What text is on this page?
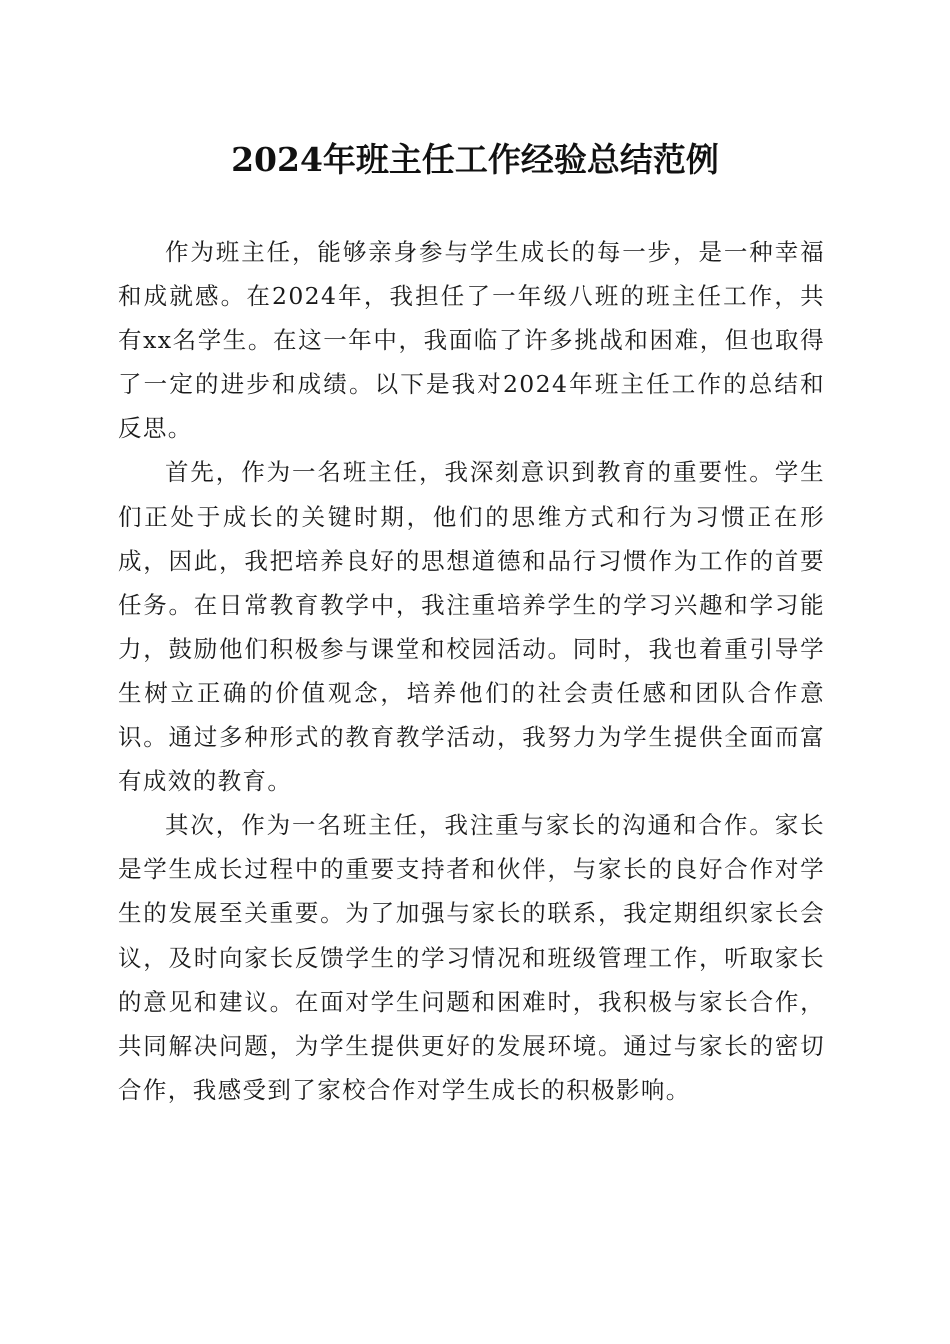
2024年班主任工作经验总结范例

作为班主任，能够亲身参与学生成长的每一步，是一种幸福和成就感。在2024年，我担任了一年级八班的班主任工作，共有xx名学生。在这一年中，我面临了许多挑战和困难，但也取得了一定的进步和成绩。以下是我对2024年班主任工作的总结和反思。

首先，作为一名班主任，我深刻意识到教育的重要性。学生们正处于成长的关键时期，他们的思维方式和行为习惯正在形成，因此，我把培养良好的思想道德和品行习惯作为工作的首要任务。在日常教育教学中，我注重培养学生的学习兴趣和学习能力，鼓励他们积极参与课堂和校园活动。同时，我也着重引导学生树立正确的价值观念，培养他们的社会责任感和团队合作意识。通过多种形式的教育教学活动，我努力为学生提供全面而富有成效的教育。

其次，作为一名班主任，我注重与家长的沟通和合作。家长是学生成长过程中的重要支持者和伙伴，与家长的良好合作对学生的发展至关重要。为了加强与家长的联系，我定期组织家长会议，及时向家长反馈学生的学习情况和班级管理工作，听取家长的意见和建议。在面对学生问题和困难时，我积极与家长合作，共同解决问题，为学生提供更好的发展环境。通过与家长的密切合作，我感受到了家校合作对学生成长的积极影响。
